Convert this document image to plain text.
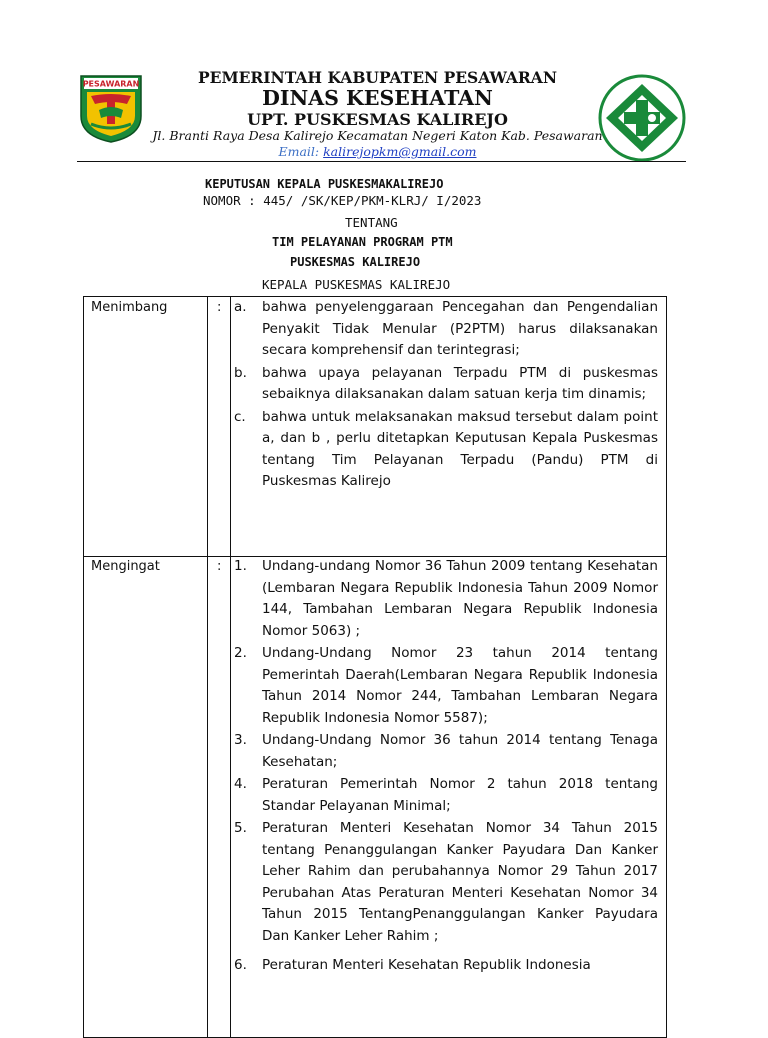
PESAWARAN	PEMERINTAH KABUPATEN PESAWARAN
DINAS KESEHATAN
UPT. PUSKESMAS KALIREJO
Jl. Branti Raya Desa Kalirejo Kecamatan Negeri Katon Kab. Pesawaran
Email: kalirejopkm@gmail.com
KEPUTUSAN KEPALA PUSKESMAKALIREJO
NOMOR : 445/ /SK/KEP/PKM-KLRJ/ I/2023
TENTANG
TIM PELAYANAN PROGRAM PTM
PUSKESMAS KALIREJO
KEPALA PUSKESMAS KALIREJO
Menimbang	: a.	bahwa penyelenggaraan Pencegahan dan Pengendalian Penyakit Tidak Menular (P2PTM) harus dilaksanakan secara komprehensif dan terintegrasi;
b.	bahwa upaya pelayanan Terpadu PTM di puskesmas sebaiknya dilaksanakan dalam satuan kerja tim dinamis;
c.	bahwa untuk melaksanakan maksud tersebut dalam point a, dan b , perlu ditetapkan Keputusan Kepala Puskesmas tentang Tim Pelayanan Terpadu (Pandu) PTM di Puskesmas Kalirejo
Mengingat	: 1.	Undang-undang Nomor 36 Tahun 2009 tentang Kesehatan (Lembaran Negara Republik Indonesia Tahun 2009 Nomor 144, Tambahan Lembaran Negara Republik Indonesia Nomor 5063) ;
2.	Undang-Undang Nomor 23 tahun 2014 tentang Pemerintah Daerah(Lembaran Negara Republik Indonesia Tahun 2014 Nomor 244, Tambahan Lembaran Negara Republik Indonesia Nomor 5587);
3.	Undang-Undang Nomor 36 tahun 2014 tentang Tenaga Kesehatan;
4.	Peraturan Pemerintah Nomor 2 tahun 2018 tentang Standar Pelayanan Minimal;
5.	Peraturan Menteri Kesehatan Nomor 34 Tahun 2015 tentang Penanggulangan Kanker Payudara Dan Kanker Leher Rahim dan perubahannya Nomor 29 Tahun 2017 Perubahan Atas Peraturan Menteri Kesehatan Nomor 34 Tahun 2015 TentangPenanggulangan Kanker Payudara Dan Kanker Leher Rahim ;
6.	Peraturan Menteri Kesehatan Republik Indonesia
